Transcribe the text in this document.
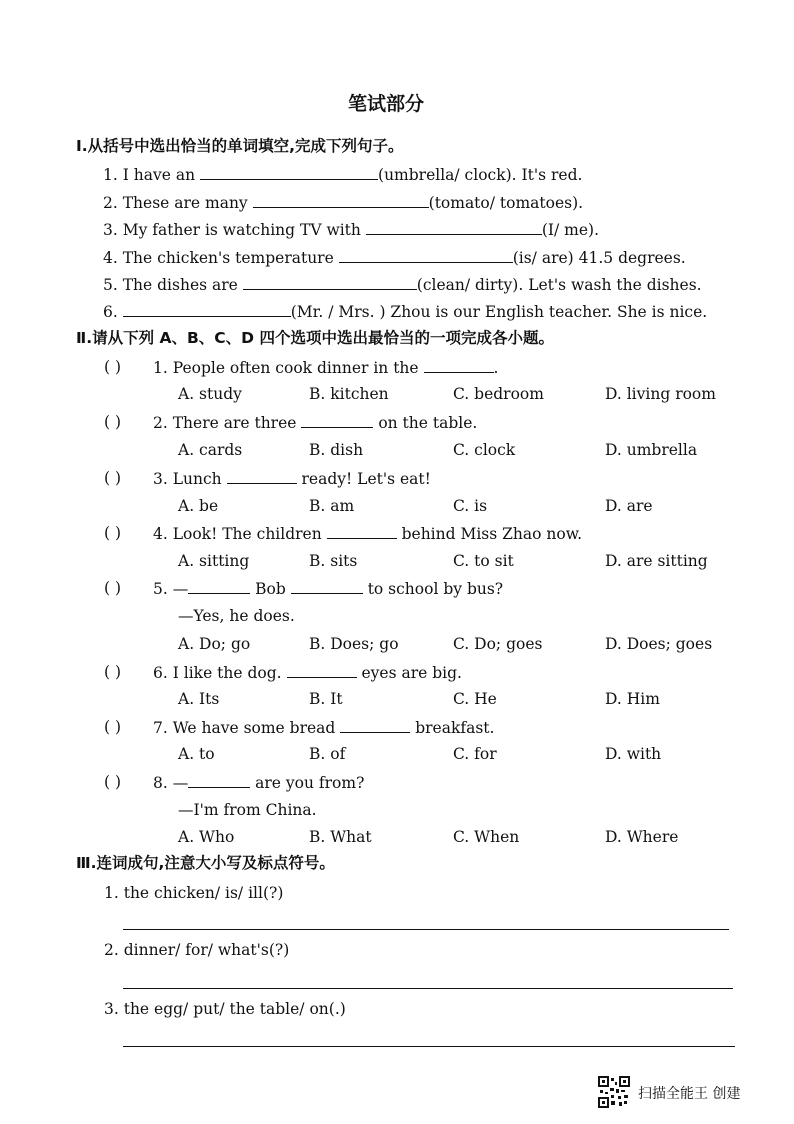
笔试部分
Ⅰ.从括号中选出恰当的单词填空,完成下列句子。
1. I have an	(umbrella/ clock). It's red.
2. These are many	(tomato/ tomatoes).
3. My father is watching TV with	(I/ me).
4. The chicken's temperature	(is/ are) 41.5 degrees.
5. The dishes are	(clean/ dirty). Let's wash the dishes.
6.	(Mr. / Mrs. ) Zhou is our English teacher. She is nice.
Ⅱ.请从下列 A、B、C、D 四个选项中选出最恰当的一项完成各小题。
( ) 1. People often cook dinner in the	.
A. study	B. kitchen	C. bedroom	D. living room
( ) 2. There are three	on the table.
A. cards	B. dish	C. clock	D. umbrella
( ) 3. Lunch	ready! Let's eat!
A. be	B. am	C. is	D. are
( ) 4. Look! The children	behind Miss Zhao now.
A. sitting	B. sits	C. to sit	D. are sitting
( ) 5. —	Bob	to school by bus?
—Yes, he does.
A. Do; go	B. Does; go	C. Do; goes	D. Does; goes
( ) 6. I like the dog.	eyes are big.
A. Its	B. It	C. He	D. Him
( ) 7. We have some bread	breakfast.
A. to	B. of	C. for	D. with
( ) 8. —	are you from?
—I'm from China.
A. Who	B. What	C. When	D. Where
Ⅲ.连词成句,注意大小写及标点符号。
1. the chicken/ is/ ill(?)
2. dinner/ for/ what's(?)
3. the egg/ put/ the table/ on(.)
扫描全能王 创建
